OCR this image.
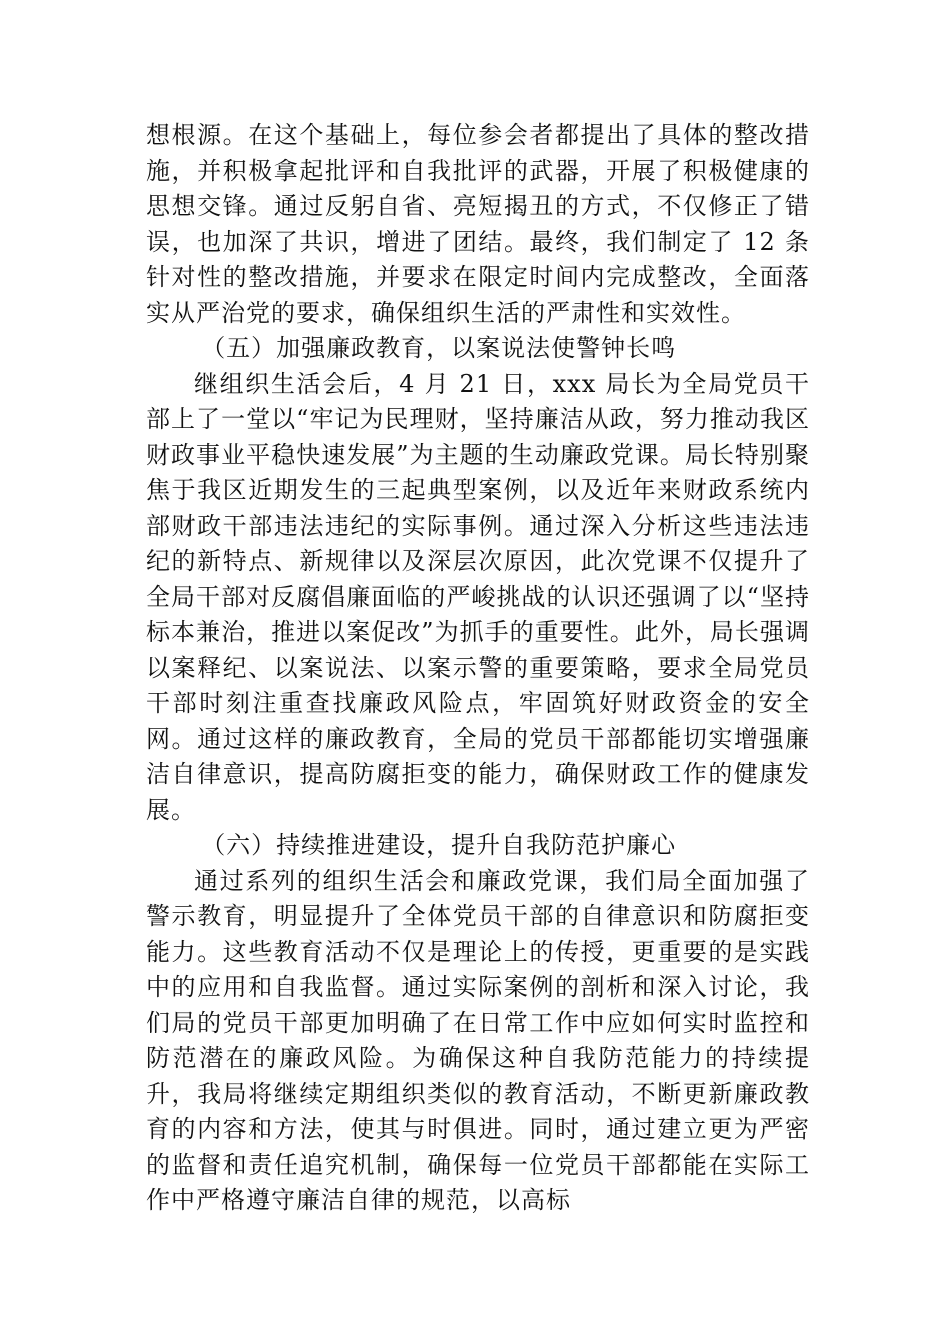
想根源。在这个基础上，每位参会者都提出了具体的整改措施，并积极拿起批评和自我批评的武器，开展了积极健康的思想交锋。通过反躬自省、亮短揭丑的方式，不仅修正了错误，也加深了共识，增进了团结。最终，我们制定了 12 条针对性的整改措施，并要求在限定时间内完成整改，全面落实从严治党的要求，确保组织生活的严肃性和实效性。

（五）加强廉政教育，以案说法使警钟长鸣

继组织生活会后，4 月 21 日，xxx 局长为全局党员干部上了一堂以“牢记为民理财，坚持廉洁从政，努力推动我区财政事业平稳快速发展”为主题的生动廉政党课。局长特别聚焦于我区近期发生的三起典型案例，以及近年来财政系统内部财政干部违法违纪的实际事例。通过深入分析这些违法违纪的新特点、新规律以及深层次原因，此次党课不仅提升了全局干部对反腐倡廉面临的严峻挑战的认识还强调了以“坚持标本兼治，推进以案促改”为抓手的重要性。此外，局长强调以案释纪、以案说法、以案示警的重要策略，要求全局党员干部时刻注重查找廉政风险点，牢固筑好财政资金的安全网。通过这样的廉政教育，全局的党员干部都能切实增强廉洁自律意识，提高防腐拒变的能力，确保财政工作的健康发展。

（六）持续推进建设，提升自我防范护廉心

通过系列的组织生活会和廉政党课，我们局全面加强了警示教育，明显提升了全体党员干部的自律意识和防腐拒变能力。这些教育活动不仅是理论上的传授，更重要的是实践中的应用和自我监督。通过实际案例的剖析和深入讨论，我们局的党员干部更加明确了在日常工作中应如何实时监控和防范潜在的廉政风险。为确保这种自我防范能力的持续提升，我局将继续定期组织类似的教育活动，不断更新廉政教育的内容和方法，使其与时俱进。同时，通过建立更为严密的监督和责任追究机制，确保每一位党员干部都能在实际工作中严格遵守廉洁自律的规范，以高标
